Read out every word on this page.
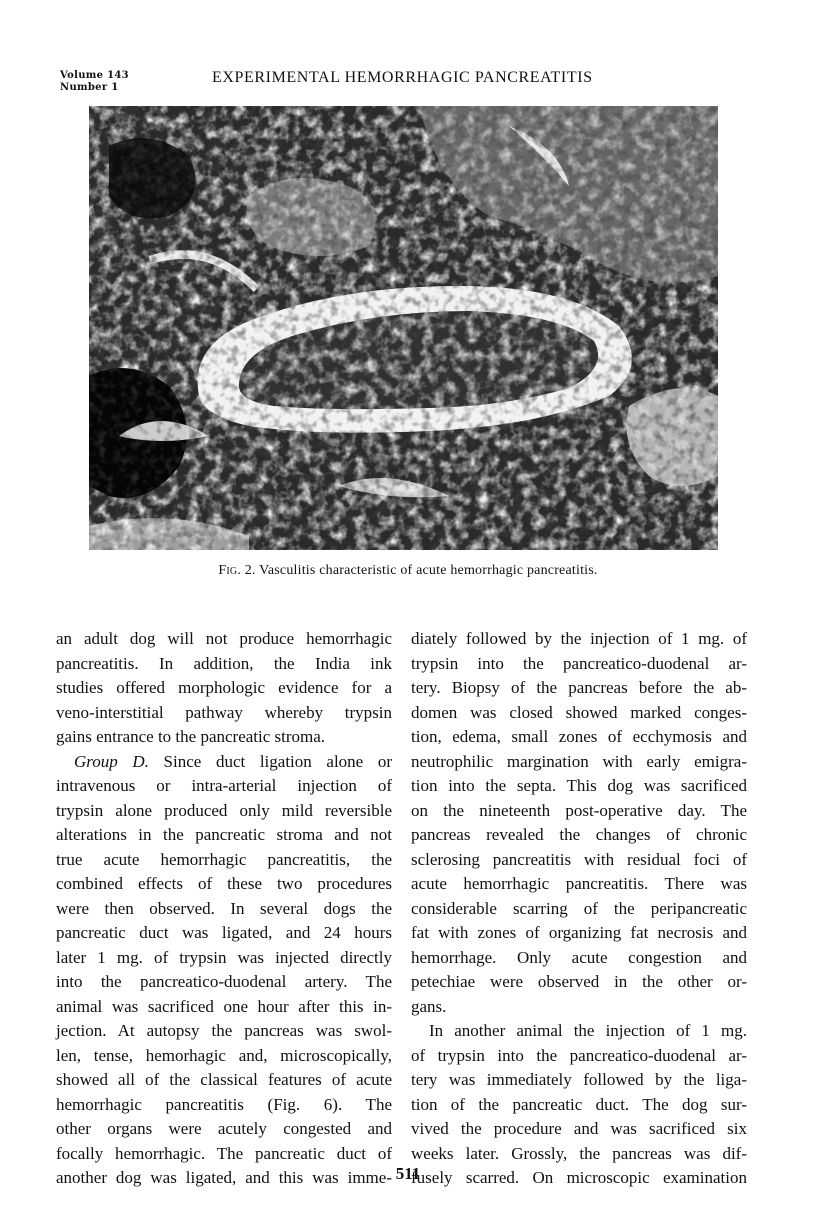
Volume 143
Number 1
EXPERIMENTAL HEMORRHAGIC PANCREATITIS
Fig. 2. Vasculitis characteristic of acute hemorrhagic pancreatitis.
an adult dog will not produce hemorrhagic
pancreatitis. In addition, the India ink
studies offered morphologic evidence for a
veno-interstitial pathway whereby trypsin
gains entrance to the pancreatic stroma.
Group D. Since duct ligation alone or
intravenous or intra-arterial injection of
trypsin alone produced only mild reversible
alterations in the pancreatic stroma and not
true acute hemorrhagic pancreatitis, the
combined effects of these two procedures
were then observed. In several dogs the
pancreatic duct was ligated, and 24 hours
later 1 mg. of trypsin was injected directly
into the pancreatico-duodenal artery. The
animal was sacrificed one hour after this in-
jection. At autopsy the pancreas was swol-
len, tense, hemorhagic and, microscopically,
showed all of the classical features of acute
hemorrhagic pancreatitis (Fig. 6). The
other organs were acutely congested and
focally hemorrhagic. The pancreatic duct of
another dog was ligated, and this was imme-
diately followed by the injection of 1 mg. of
trypsin into the pancreatico-duodenal ar-
tery. Biopsy of the pancreas before the ab-
domen was closed showed marked conges-
tion, edema, small zones of ecchymosis and
neutrophilic margination with early emigra-
tion into the septa. This dog was sacrificed
on the nineteenth post-operative day. The
pancreas revealed the changes of chronic
sclerosing pancreatitis with residual foci of
acute hemorrhagic pancreatitis. There was
considerable scarring of the peripancreatic
fat with zones of organizing fat necrosis and
hemorrhage. Only acute congestion and
petechiae were observed in the other or-
gans.
In another animal the injection of 1 mg.
of trypsin into the pancreatico-duodenal ar-
tery was immediately followed by the liga-
tion of the pancreatic duct. The dog sur-
vived the procedure and was sacrificed six
weeks later. Grossly, the pancreas was dif-
fusely scarred. On microscopic examination
511
